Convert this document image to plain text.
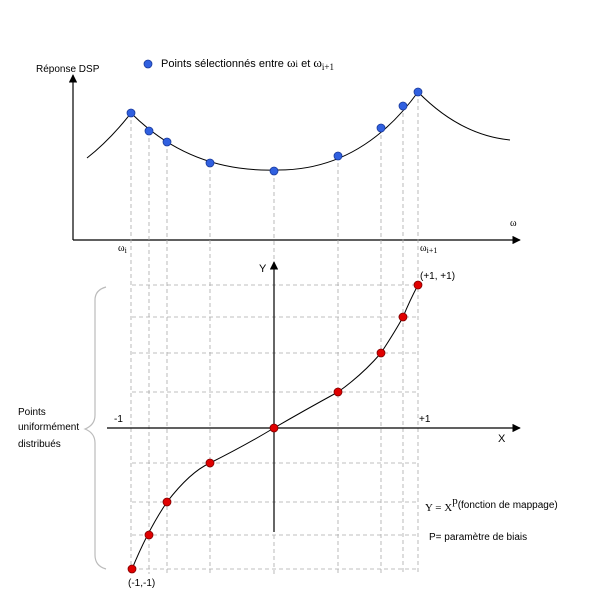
Points sélectionnés entre ωi et $\omega_{i+1}$
Réponse DSP
ω
$\omega_i$	$\omega_{i+1}$
Y
X
-1	+1
(+1, +1)
(-1,-1)
Points
uniformément
distribués
Y = Xp(fonction de mappage)
P= paramètre de biais
